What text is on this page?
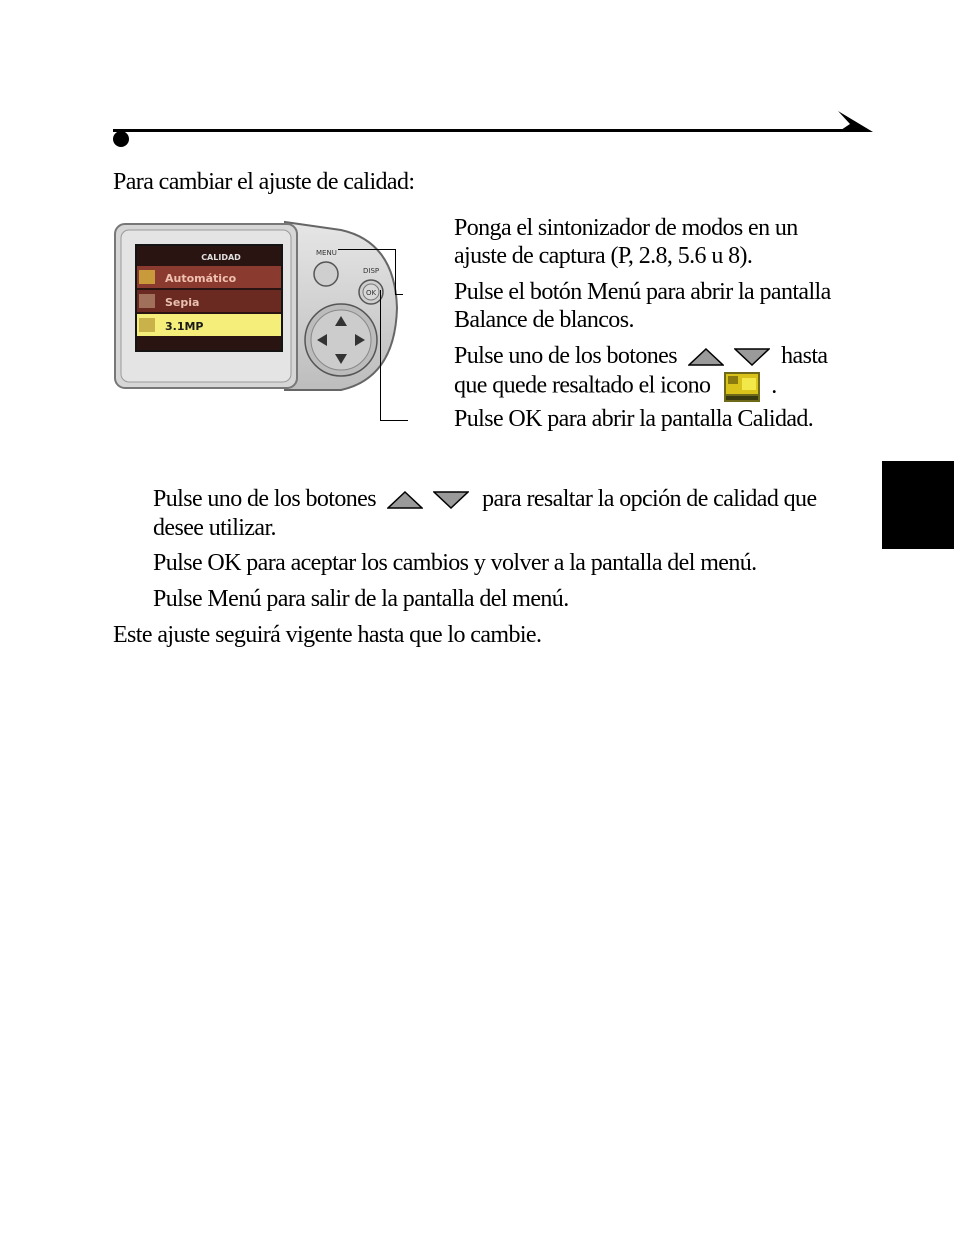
Para cambiar el ajuste de calidad:
CALIDAD
Automático
Sepia
3.1MP
MENU
DISP
OK
Ponga el sintonizador de modos en un
ajuste de captura (P, 2.8, 5.6 u 8).
Pulse el botón Menú para abrir la pantalla
Balance de blancos.
Pulse uno de los botones	hasta
que quede resaltado el icono	.
Pulse OK para abrir la pantalla Calidad.
Pulse uno de los botones	para resaltar la opción de calidad que
desee utilizar.
Pulse OK para aceptar los cambios y volver a la pantalla del menú.
Pulse Menú para salir de la pantalla del menú.
Este ajuste seguirá vigente hasta que lo cambie.
